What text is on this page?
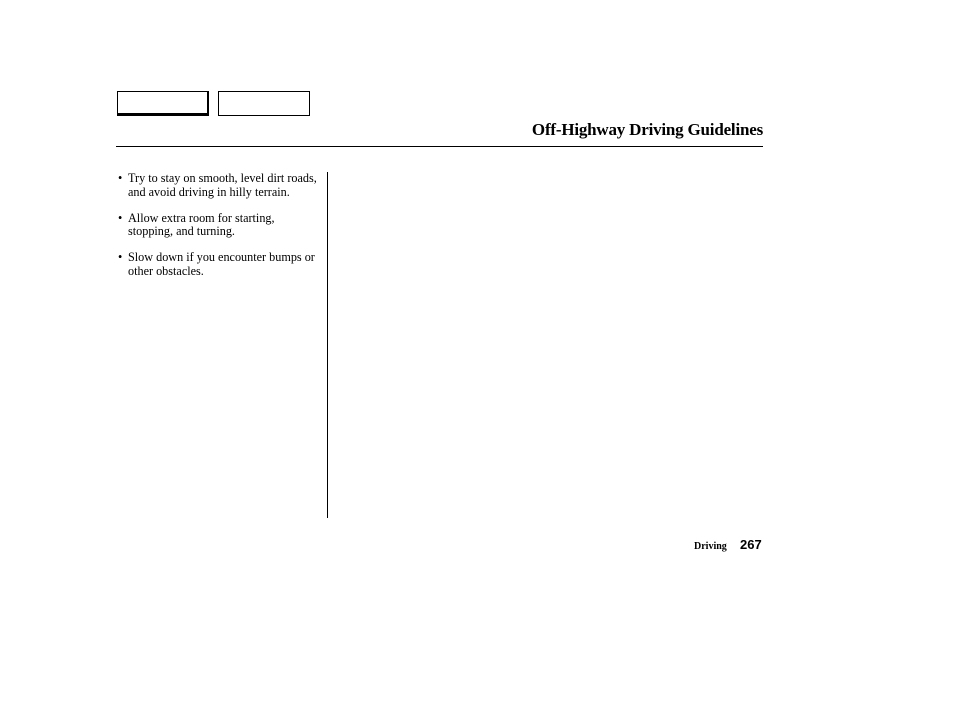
Off-Highway Driving Guidelines
• Try to stay on smooth, level dirt roads, and avoid driving in hilly terrain.
• Allow extra room for starting, stopping, and turning.
• Slow down if you encounter bumps or other obstacles.
Driving 267
